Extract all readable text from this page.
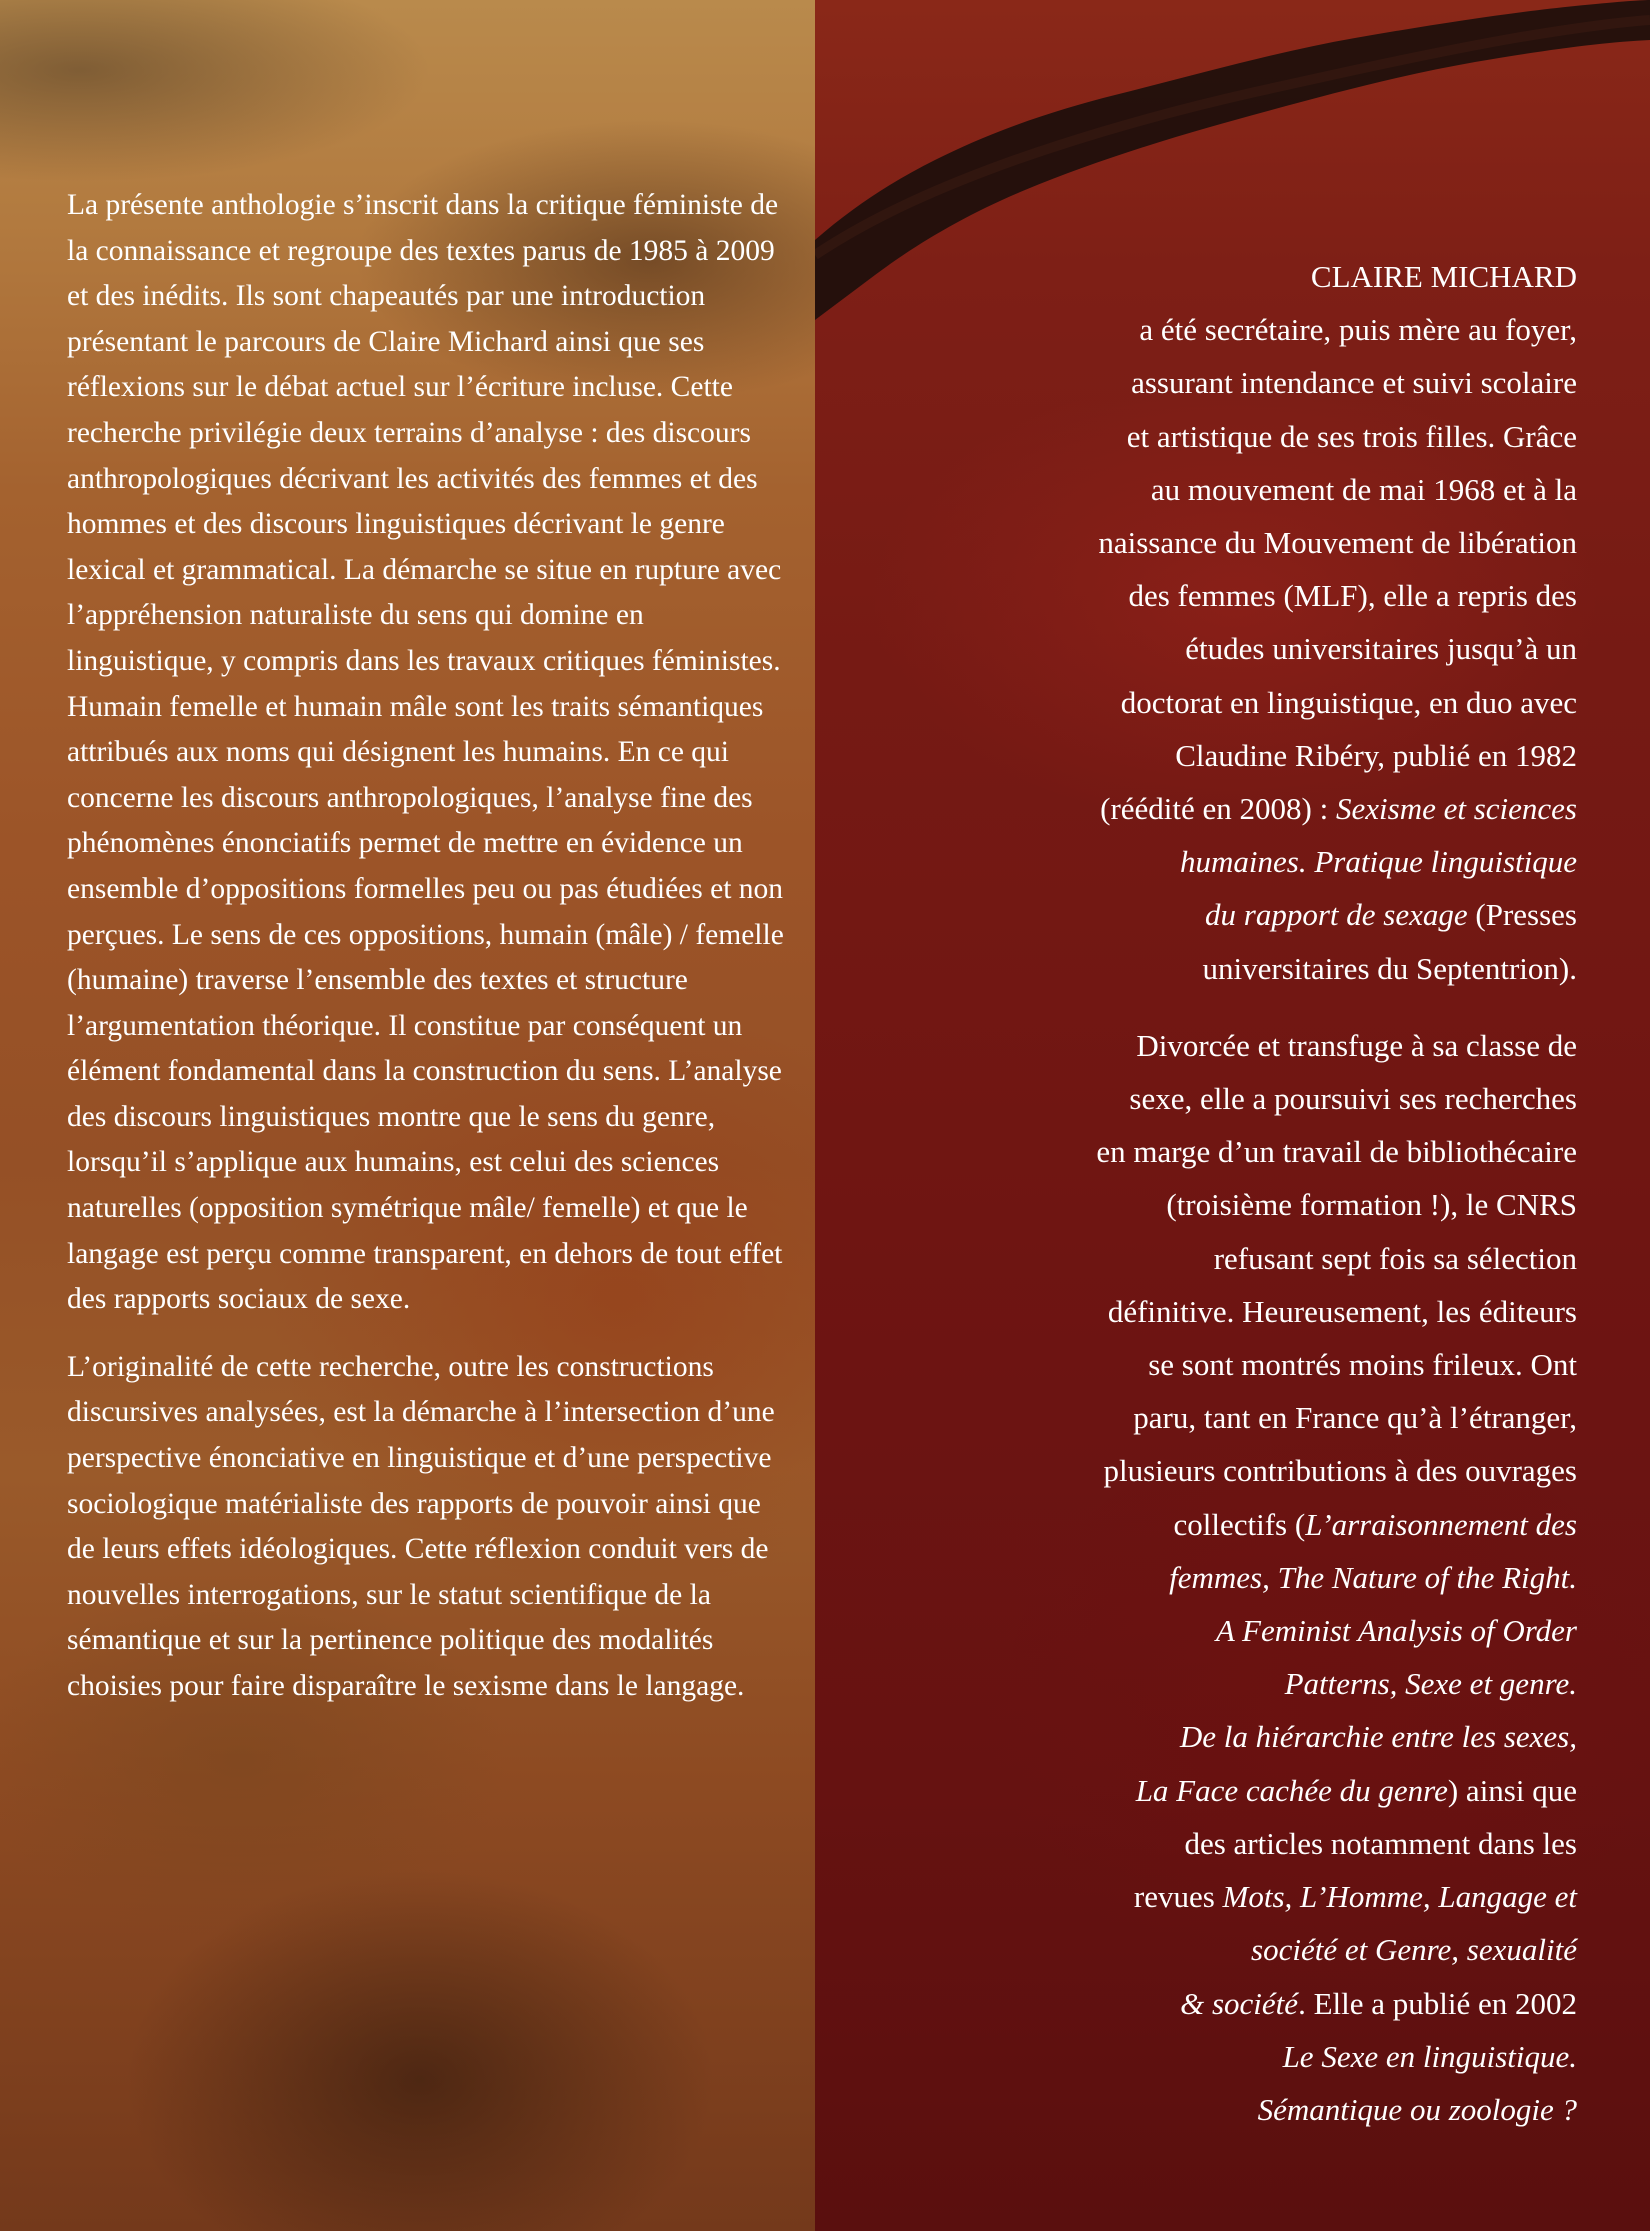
La présente anthologie s’inscrit dans la critique féministe de la connaissance et regroupe des textes parus de 1985 à 2009 et des inédits. Ils sont chapeautés par une introduction présentant le parcours de Claire Michard ainsi que ses réflexions sur le débat actuel sur l’écriture incluse. Cette recherche privilégie deux terrains d’analyse : des discours anthropologiques décrivant les activités des femmes et des hommes et des discours linguistiques décrivant le genre lexical et grammatical. La démarche se situe en rupture avec l’appréhension naturaliste du sens qui domine en linguistique, y compris dans les travaux critiques féministes. Humain femelle et humain mâle sont les traits sémantiques attribués aux noms qui désignent les humains. En ce qui concerne les discours anthropologiques, l’analyse fine des phénomènes énonciatifs permet de mettre en évidence un ensemble d’oppositions formelles peu ou pas étudiées et non perçues. Le sens de ces oppositions, humain (mâle) / femelle (humaine) traverse l’ensemble des textes et structure l’argumentation théorique. Il constitue par conséquent un élément fondamental dans la construction du sens. L’analyse des discours linguistiques montre que le sens du genre, lorsqu’il s’applique aux humains, est celui des sciences naturelles (opposition symétrique mâle/ femelle) et que le langage est perçu comme transparent, en dehors de tout effet des rapports sociaux de sexe.

L’originalité de cette recherche, outre les constructions discursives analysées, est la démarche à l’intersection d’une perspective énonciative en linguistique et d’une perspective sociologique matérialiste des rapports de pouvoir ainsi que de leurs effets idéologiques. Cette réflexion conduit vers de nouvelles interrogations, sur le statut scientifique de la sémantique et sur la pertinence politique des modalités choisies pour faire disparaître le sexisme dans le langage.

CLAIRE MICHARD
a été secrétaire, puis mère au foyer,
assurant intendance et suivi scolaire
et artistique de ses trois filles. Grâce
au mouvement de mai 1968 et à la
naissance du Mouvement de libération
des femmes (MLF), elle a repris des
études universitaires jusqu’à un
doctorat en linguistique, en duo avec
Claudine Ribéry, publié en 1982
(réédité en 2008) : Sexisme et sciences
humaines. Pratique linguistique
du rapport de sexage (Presses
universitaires du Septentrion).

Divorcée et transfuge à sa classe de
sexe, elle a poursuivi ses recherches
en marge d’un travail de bibliothécaire
(troisième formation !), le CNRS
refusant sept fois sa sélection
définitive. Heureusement, les éditeurs
se sont montrés moins frileux. Ont
paru, tant en France qu’à l’étranger,
plusieurs contributions à des ouvrages
collectifs (L’arraisonnement des
femmes, The Nature of the Right.
A Feminist Analysis of Order
Patterns, Sexe et genre.
De la hiérarchie entre les sexes,
La Face cachée du genre) ainsi que
des articles notamment dans les
revues Mots, L’Homme, Langage et
société et Genre, sexualité
& société. Elle a publié en 2002
Le Sexe en linguistique.
Sémantique ou zoologie ?
